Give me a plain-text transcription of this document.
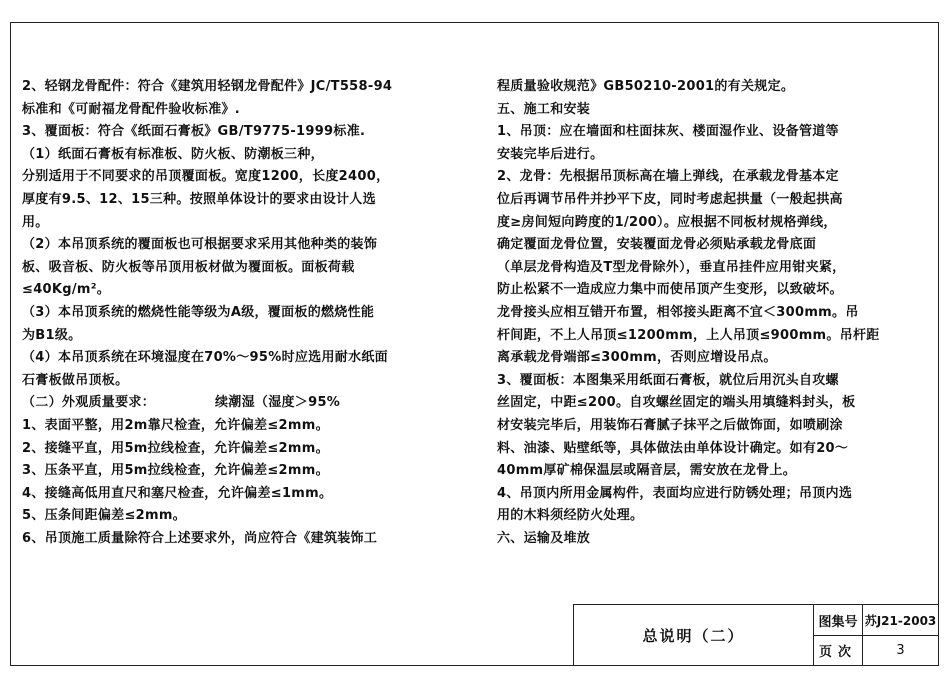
2、轻钢龙骨配件：符合《建筑用轻钢龙骨配件》JC/T558-94
标准和《可耐福龙骨配件验收标准》.
3、覆面板：符合《纸面石膏板》GB/T9775-1999标准.
（1）纸面石膏板有标准板、防火板、防潮板三种，
分别适用于不同要求的吊顶覆面板。宽度1200，长度2400，
厚度有9.5、12、15三种。按照单体设计的要求由设计人选
用。
（2）本吊顶系统的覆面板也可根据要求采用其他种类的装饰
板、吸音板、防火板等吊顶用板材做为覆面板。面板荷载
≤40Kg/m²。
（3）本吊顶系统的燃烧性能等级为A级，覆面板的燃烧性能
为B1级。
（4）本吊顶系统在环境湿度在70%～95%时应选用耐水纸面
石膏板做吊顶板。
（二）外观质量要求：　　　　　续潮湿（湿度＞95%
1、表面平整，用2m靠尺检查，允许偏差≤2mm。
2、接缝平直，用5m拉线检查，允许偏差≤2mm。
3、压条平直，用5m拉线检查，允许偏差≤2mm。
4、接缝高低用直尺和塞尺检查，允许偏差≤1mm。
5、压条间距偏差≤2mm。
6、吊顶施工质量除符合上述要求外，尚应符合《建筑装饰工
程质量验收规范》GB50210-2001的有关规定。
五、施工和安装
1、吊顶：应在墙面和柱面抹灰、楼面湿作业、设备管道等
安装完毕后进行。
2、龙骨：先根据吊顶标高在墙上弹线，在承载龙骨基本定
位后再调节吊件并抄平下皮，同时考虑起拱量（一般起拱高
度≥房间短向跨度的1/200）。应根据不同板材规格弹线，
确定覆面龙骨位置，安装覆面龙骨必须贴承载龙骨底面
（单层龙骨构造及T型龙骨除外），垂直吊挂件应用钳夹紧，
防止松紧不一造成应力集中而使吊顶产生变形，以致破坏。
龙骨接头应相互错开布置，相邻接头距离不宜＜300mm。吊
杆间距，不上人吊顶≤1200mm，上人吊顶≤900mm。吊杆距
离承载龙骨端部≤300mm，否则应增设吊点。
3、覆面板：本图集采用纸面石膏板，就位后用沉头自攻螺
丝固定，中距≤200。自攻螺丝固定的端头用填缝料封头，板
材安装完毕后，用装饰石膏腻子抹平之后做饰面，如喷刷涂
料、油漆、贴壁纸等，具体做法由单体设计确定。如有20～
40mm厚矿棉保温层或隔音层，需安放在龙骨上。
4、吊顶内所用金属构件，表面均应进行防锈处理；吊顶内选
用的木料须经防火处理。
六、运输及堆放
总说明（二）
图集号 苏J21-2003
页次	3
